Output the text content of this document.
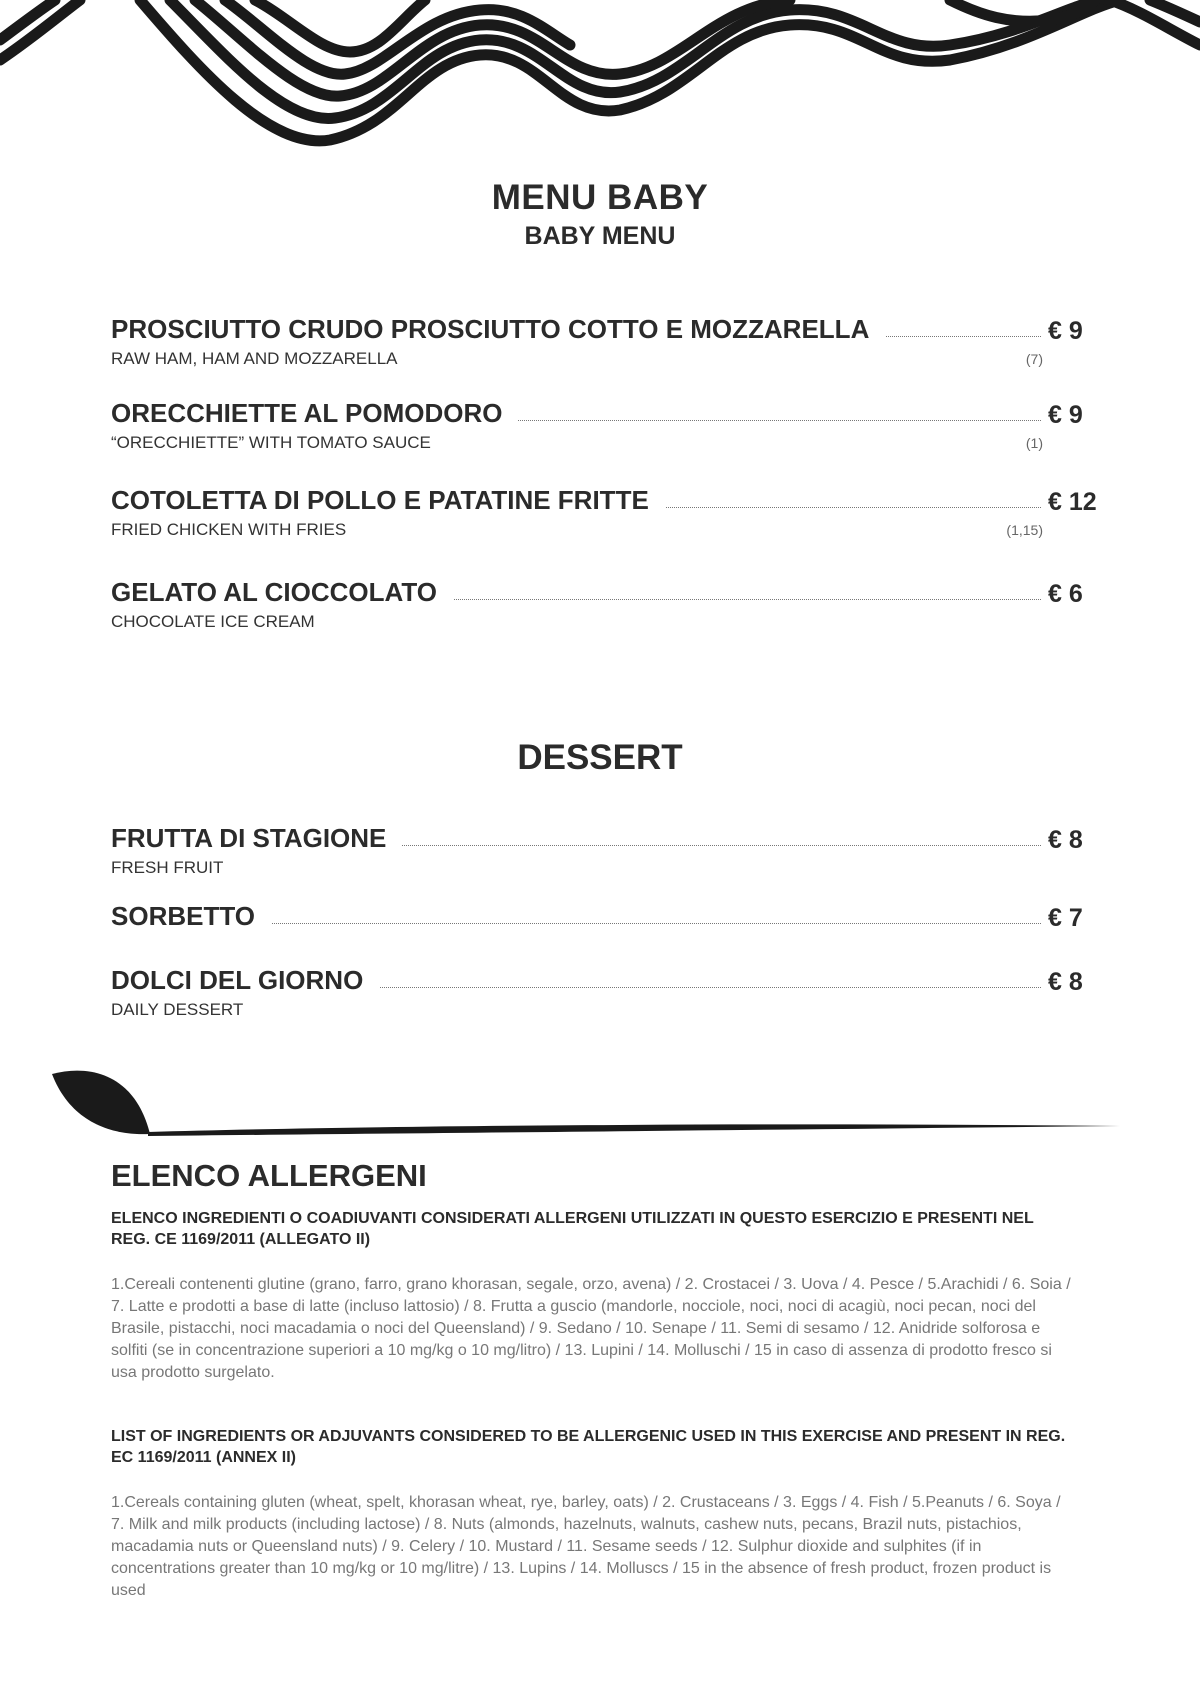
MENU BABY
BABY MENU
PROSCIUTTO CRUDO PROSCIUTTO COTTO E MOZZARELLA	€ 9
RAW HAM, HAM AND MOZZARELLA	(7)
ORECCHIETTE AL POMODORO	€ 9
“ORECCHIETTE” WITH TOMATO SAUCE	(1)
COTOLETTA DI POLLO E PATATINE FRITTE	€ 12
FRIED CHICKEN WITH FRIES	(1,15)
GELATO AL CIOCCOLATO	€ 6
CHOCOLATE ICE CREAM
DESSERT
FRUTTA DI STAGIONE	€ 8
FRESH FRUIT
SORBETTO	€ 7
DOLCI DEL GIORNO	€ 8
DAILY DESSERT
ELENCO ALLERGENI

ELENCO INGREDIENTI O COADIUVANTI CONSIDERATI ALLERGENI UTILIZZATI IN QUESTO ESERCIZIO E PRESENTI NEL REG. CE 1169/2011 (ALLEGATO II)

1.Cereali contenenti glutine (grano, farro, grano khorasan, segale, orzo, avena) / 2. Crostacei / 3. Uova / 4. Pesce / 5.Arachidi / 6. Soia / 7. Latte e prodotti a base di latte (incluso lattosio) / 8. Frutta a guscio (mandorle, nocciole, noci, noci di acagiù, noci pecan, noci del Brasile, pistacchi, noci macadamia o noci del Queensland) / 9. Sedano / 10. Senape / 11. Semi di sesamo / 12. Anidride solforosa e solfiti (se in concentrazione superiori a 10 mg/kg o 10 mg/litro) / 13. Lupini / 14. Molluschi / 15 in caso di assenza di prodotto fresco si usa prodotto surgelato.

LIST OF INGREDIENTS OR ADJUVANTS CONSIDERED TO BE ALLERGENIC USED IN THIS EXERCISE AND PRESENT IN REG. EC 1169/2011 (ANNEX II)

1.Cereals containing gluten (wheat, spelt, khorasan wheat, rye, barley, oats) / 2. Crustaceans / 3. Eggs / 4. Fish / 5.Peanuts / 6. Soya / 7. Milk and milk products (including lactose) / 8. Nuts (almonds, hazelnuts, walnuts, cashew nuts, pecans, Brazil nuts, pistachios, macadamia nuts or Queensland nuts) / 9. Celery / 10. Mustard / 11. Sesame seeds / 12. Sulphur dioxide and sulphites (if in concentrations greater than 10 mg/kg or 10 mg/litre) / 13. Lupins / 14. Molluscs / 15 in the absence of fresh product, frozen product is used
